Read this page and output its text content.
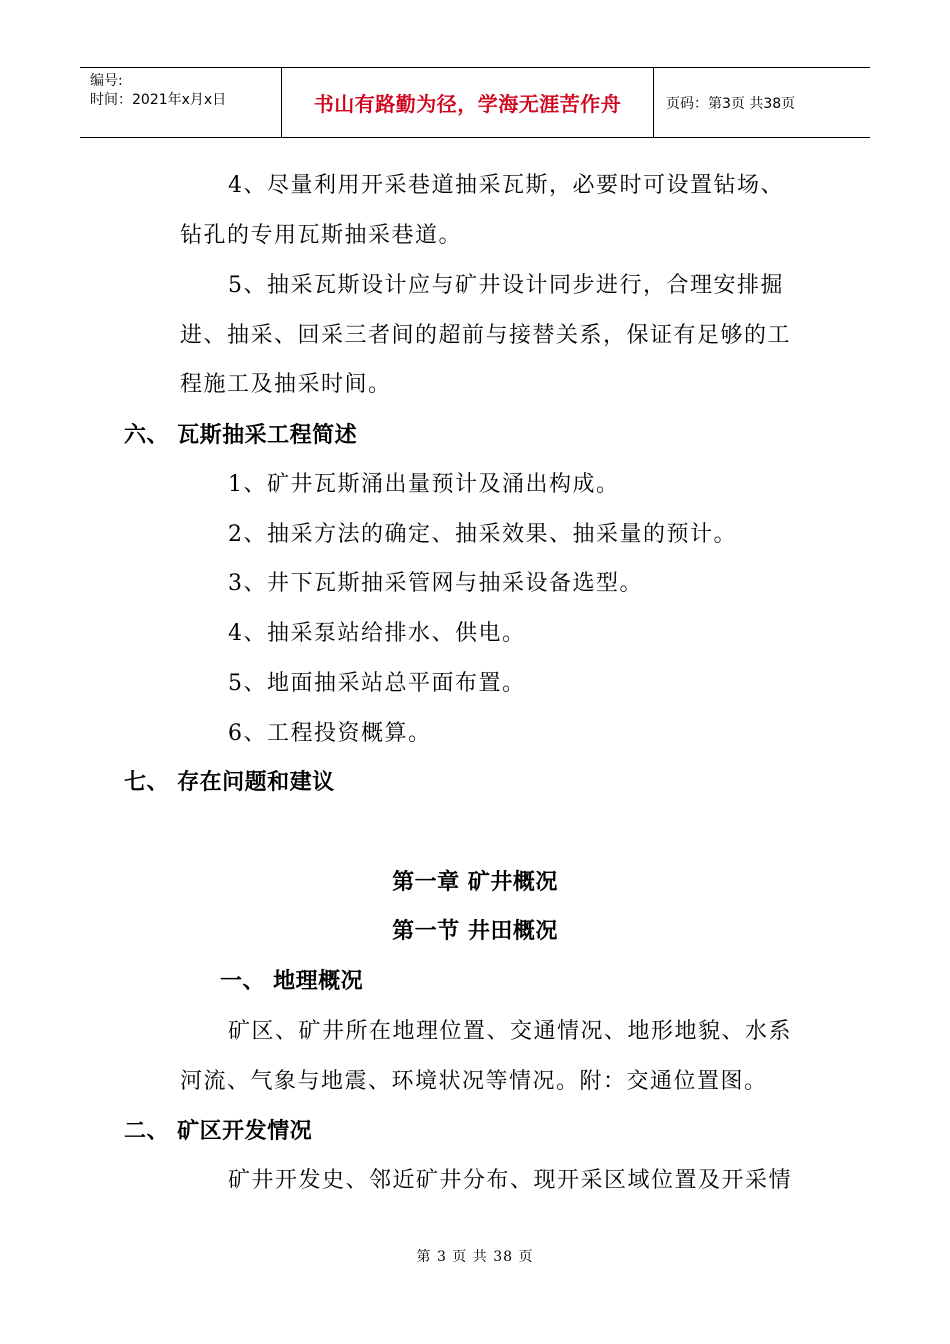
编号:
时间：2021年x月x日	书山有路勤为径，学海无涯苦作舟	页码：第3页 共38页
4、尽量利用开采巷道抽采瓦斯，必要时可设置钻场、
钻孔的专用瓦斯抽采巷道。
5、抽采瓦斯设计应与矿井设计同步进行，合理安排掘
进、抽采、回采三者间的超前与接替关系，保证有足够的工
程施工及抽采时间。
六、 瓦斯抽采工程简述
1、矿井瓦斯涌出量预计及涌出构成。
2、抽采方法的确定、抽采效果、抽采量的预计。
3、井下瓦斯抽采管网与抽采设备选型。
4、抽采泵站给排水、供电。
5、地面抽采站总平面布置。
6、工程投资概算。
七、 存在问题和建议
第一章 矿井概况
第一节 井田概况
一、 地理概况
矿区、矿井所在地理位置、交通情况、地形地貌、水系
河流、气象与地震、环境状况等情况。附：交通位置图。
二、 矿区开发情况
矿井开发史、邻近矿井分布、现开采区域位置及开采情
第 3 页 共 38 页
